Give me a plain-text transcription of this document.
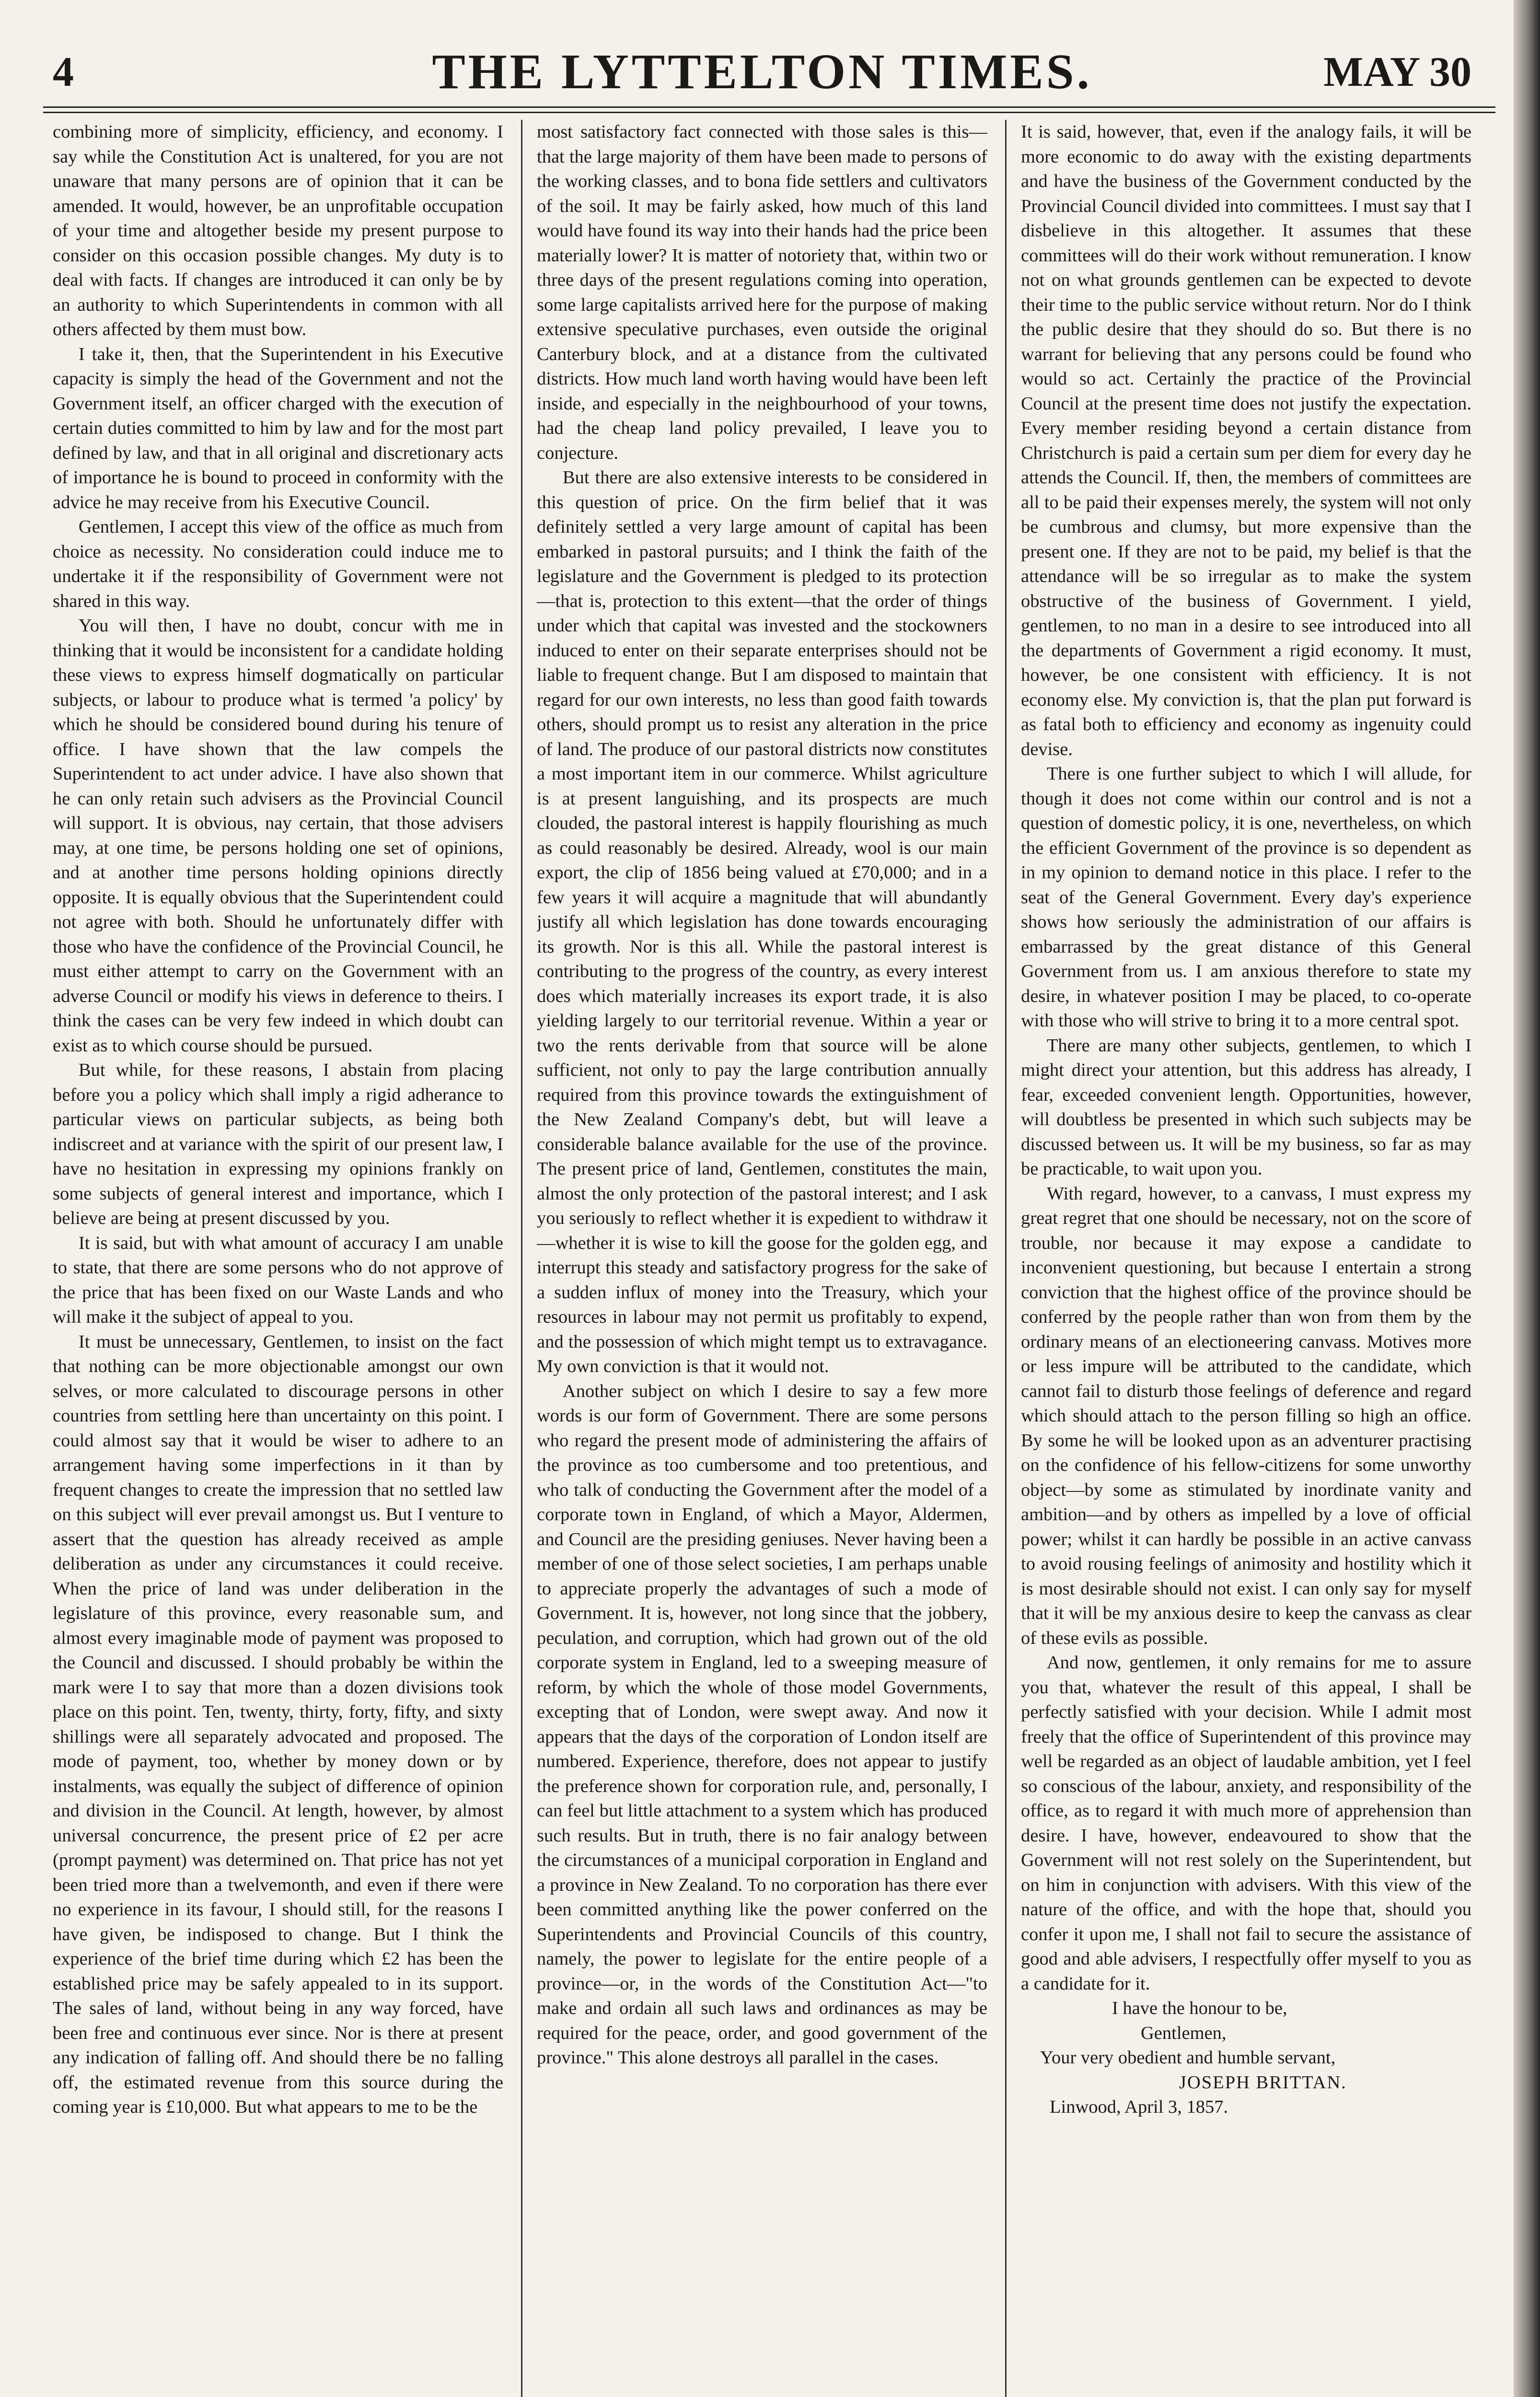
4	THE LYTTELTON TIMES.	MAY 30

combining more of simplicity, efficiency, and economy. I say while the Constitution Act is unaltered, for you are not unaware that many persons are of opinion that it can be amended. It would, however, be an unprofitable occupation of your time and altogether beside my present purpose to consider on this occasion possible changes. My duty is to deal with facts. If changes are introduced it can only be by an authority to which Superintendents in common with all others affected by them must bow.

I take it, then, that the Superintendent in his Executive capacity is simply the head of the Government and not the Government itself, an officer charged with the execution of certain duties committed to him by law and for the most part defined by law, and that in all original and discretionary acts of importance he is bound to proceed in conformity with the advice he may receive from his Executive Council.

Gentlemen, I accept this view of the office as much from choice as necessity. No consideration could induce me to undertake it if the responsibility of Government were not shared in this way.

You will then, I have no doubt, concur with me in thinking that it would be inconsistent for a candidate holding these views to express himself dogmatically on particular subjects, or labour to produce what is termed 'a policy' by which he should be considered bound during his tenure of office. I have shown that the law compels the Superintendent to act under advice. I have also shown that he can only retain such advisers as the Provincial Council will support. It is obvious, nay certain, that those advisers may, at one time, be persons holding one set of opinions, and at another time persons holding opinions directly opposite. It is equally obvious that the Superintendent could not agree with both. Should he unfortunately differ with those who have the confidence of the Provincial Council, he must either attempt to carry on the Government with an adverse Council or modify his views in deference to theirs. I think the cases can be very few indeed in which doubt can exist as to which course should be pursued.

But while, for these reasons, I abstain from placing before you a policy which shall imply a rigid adherance to particular views on particular subjects, as being both indiscreet and at variance with the spirit of our present law, I have no hesitation in expressing my opinions frankly on some subjects of general interest and importance, which I believe are being at present discussed by you.

It is said, but with what amount of accuracy I am unable to state, that there are some persons who do not approve of the price that has been fixed on our Waste Lands and who will make it the subject of appeal to you.

It must be unnecessary, Gentlemen, to insist on the fact that nothing can be more objectionable amongst our own selves, or more calculated to discourage persons in other countries from settling here than uncertainty on this point. I could almost say that it would be wiser to adhere to an arrangement having some imperfections in it than by frequent changes to create the impression that no settled law on this subject will ever prevail amongst us. But I venture to assert that the question has already received as ample deliberation as under any circumstances it could receive. When the price of land was under deliberation in the legislature of this province, every reasonable sum, and almost every imaginable mode of payment was proposed to the Council and discussed. I should probably be within the mark were I to say that more than a dozen divisions took place on this point. Ten, twenty, thirty, forty, fifty, and sixty shillings were all separately advocated and proposed. The mode of payment, too, whether by money down or by instalments, was equally the subject of difference of opinion and division in the Council. At length, however, by almost universal concurrence, the present price of £2 per acre (prompt payment) was determined on. That price has not yet been tried more than a twelvemonth, and even if there were no experience in its favour, I should still, for the reasons I have given, be indisposed to change. But I think the experience of the brief time during which £2 has been the established price may be safely appealed to in its support. The sales of land, without being in any way forced, have been free and continuous ever since. Nor is there at present any indication of falling off. And should there be no falling off, the estimated revenue from this source during the coming year is £10,000. But what appears to me to be the

most satisfactory fact connected with those sales is this—that the large majority of them have been made to persons of the working classes, and to bona fide settlers and cultivators of the soil. It may be fairly asked, how much of this land would have found its way into their hands had the price been materially lower? It is matter of notoriety that, within two or three days of the present regulations coming into operation, some large capitalists arrived here for the purpose of making extensive speculative purchases, even outside the original Canterbury block, and at a distance from the cultivated districts. How much land worth having would have been left inside, and especially in the neighbourhood of your towns, had the cheap land policy prevailed, I leave you to conjecture.

But there are also extensive interests to be considered in this question of price. On the firm belief that it was definitely settled a very large amount of capital has been embarked in pastoral pursuits; and I think the faith of the legislature and the Government is pledged to its protection—that is, protection to this extent—that the order of things under which that capital was invested and the stockowners induced to enter on their separate enterprises should not be liable to frequent change. But I am disposed to maintain that regard for our own interests, no less than good faith towards others, should prompt us to resist any alteration in the price of land. The produce of our pastoral districts now constitutes a most important item in our commerce. Whilst agriculture is at present languishing, and its prospects are much clouded, the pastoral interest is happily flourishing as much as could reasonably be desired. Already, wool is our main export, the clip of 1856 being valued at £70,000; and in a few years it will acquire a magnitude that will abundantly justify all which legislation has done towards encouraging its growth. Nor is this all. While the pastoral interest is contributing to the progress of the country, as every interest does which materially increases its export trade, it is also yielding largely to our territorial revenue. Within a year or two the rents derivable from that source will be alone sufficient, not only to pay the large contribution annually required from this province towards the extinguishment of the New Zealand Company's debt, but will leave a considerable balance available for the use of the province. The present price of land, Gentlemen, constitutes the main, almost the only protection of the pastoral interest; and I ask you seriously to reflect whether it is expedient to withdraw it—whether it is wise to kill the goose for the golden egg, and interrupt this steady and satisfactory progress for the sake of a sudden influx of money into the Treasury, which your resources in labour may not permit us profitably to expend, and the possession of which might tempt us to extravagance. My own conviction is that it would not.

Another subject on which I desire to say a few more words is our form of Government. There are some persons who regard the present mode of administering the affairs of the province as too cumbersome and too pretentious, and who talk of conducting the Government after the model of a corporate town in England, of which a Mayor, Aldermen, and Council are the presiding geniuses. Never having been a member of one of those select societies, I am perhaps unable to appreciate properly the advantages of such a mode of Government. It is, however, not long since that the jobbery, peculation, and corruption, which had grown out of the old corporate system in England, led to a sweeping measure of reform, by which the whole of those model Governments, excepting that of London, were swept away. And now it appears that the days of the corporation of London itself are numbered. Experience, therefore, does not appear to justify the preference shown for corporation rule, and, personally, I can feel but little attachment to a system which has produced such results. But in truth, there is no fair analogy between the circumstances of a municipal corporation in England and a province in New Zealand. To no corporation has there ever been committed anything like the power conferred on the Superintendents and Provincial Councils of this country, namely, the power to legislate for the entire people of a province—or, in the words of the Constitution Act—"to make and ordain all such laws and ordinances as may be required for the peace, order, and good government of the province." This alone destroys all parallel in the cases.

It is said, however, that, even if the analogy fails, it will be more economic to do away with the existing departments and have the business of the Government conducted by the Provincial Council divided into committees. I must say that I disbelieve in this altogether. It assumes that these committees will do their work without remuneration. I know not on what grounds gentlemen can be expected to devote their time to the public service without return. Nor do I think the public desire that they should do so. But there is no warrant for believing that any persons could be found who would so act. Certainly the practice of the Provincial Council at the present time does not justify the expectation. Every member residing beyond a certain distance from Christchurch is paid a certain sum per diem for every day he attends the Council. If, then, the members of committees are all to be paid their expenses merely, the system will not only be cumbrous and clumsy, but more expensive than the present one. If they are not to be paid, my belief is that the attendance will be so irregular as to make the system obstructive of the business of Government. I yield, gentlemen, to no man in a desire to see introduced into all the departments of Government a rigid economy. It must, however, be one consistent with efficiency. It is not economy else. My conviction is, that the plan put forward is as fatal both to efficiency and economy as ingenuity could devise.

There is one further subject to which I will allude, for though it does not come within our control and is not a question of domestic policy, it is one, nevertheless, on which the efficient Government of the province is so dependent as in my opinion to demand notice in this place. I refer to the seat of the General Government. Every day's experience shows how seriously the administration of our affairs is embarrassed by the great distance of this General Government from us. I am anxious therefore to state my desire, in whatever position I may be placed, to co-operate with those who will strive to bring it to a more central spot.

There are many other subjects, gentlemen, to which I might direct your attention, but this address has already, I fear, exceeded convenient length. Opportunities, however, will doubtless be presented in which such subjects may be discussed between us. It will be my business, so far as may be practicable, to wait upon you.

With regard, however, to a canvass, I must express my great regret that one should be necessary, not on the score of trouble, nor because it may expose a candidate to inconvenient questioning, but because I entertain a strong conviction that the highest office of the province should be conferred by the people rather than won from them by the ordinary means of an electioneering canvass. Motives more or less impure will be attributed to the candidate, which cannot fail to disturb those feelings of deference and regard which should attach to the person filling so high an office. By some he will be looked upon as an adventurer practising on the confidence of his fellow-citizens for some unworthy object—by some as stimulated by inordinate vanity and ambition—and by others as impelled by a love of official power; whilst it can hardly be possible in an active canvass to avoid rousing feelings of animosity and hostility which it is most desirable should not exist. I can only say for myself that it will be my anxious desire to keep the canvass as clear of these evils as possible.

And now, gentlemen, it only remains for me to assure you that, whatever the result of this appeal, I shall be perfectly satisfied with your decision. While I admit most freely that the office of Superintendent of this province may well be regarded as an object of laudable ambition, yet I feel so conscious of the labour, anxiety, and responsibility of the office, as to regard it with much more of apprehension than desire. I have, however, endeavoured to show that the Government will not rest solely on the Superintendent, but on him in conjunction with advisers. With this view of the nature of the office, and with the hope that, should you confer it upon me, I shall not fail to secure the assistance of good and able advisers, I respectfully offer myself to you as a candidate for it.

I have the honour to be,
Gentlemen,
Your very obedient and humble servant,
JOSEPH BRITTAN.
Linwood, April 3, 1857.
